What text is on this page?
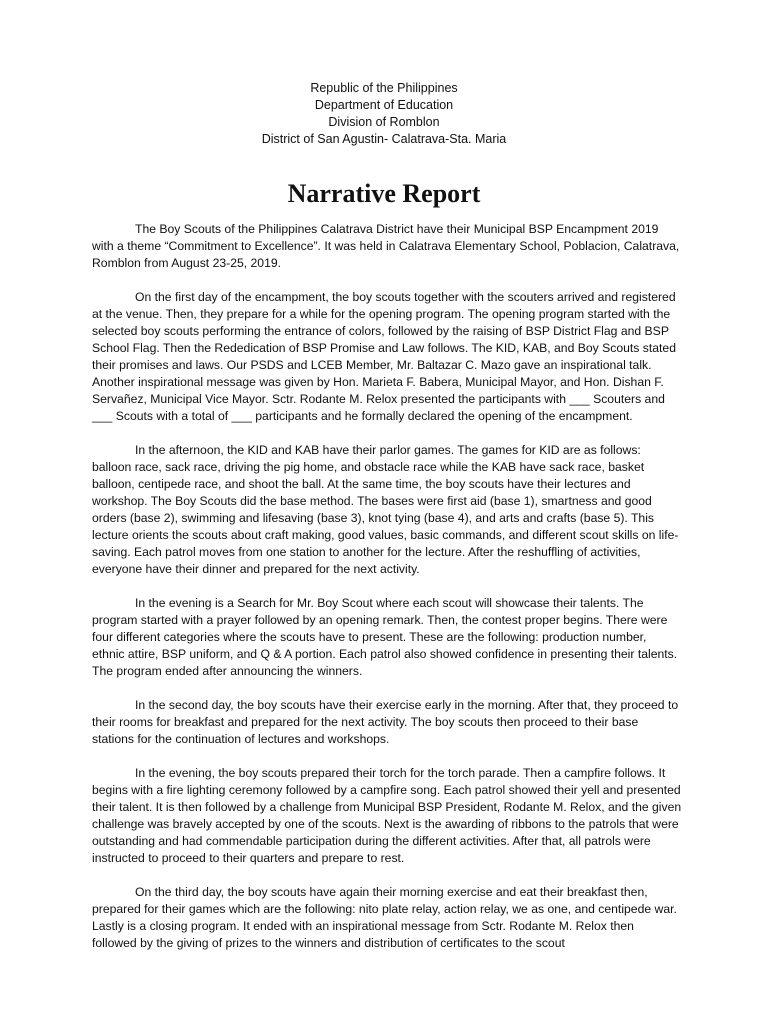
Republic of the Philippines
Department of Education
Division of Romblon
District of San Agustin- Calatrava-Sta. Maria
Narrative Report

The Boy Scouts of the Philippines Calatrava District have their Municipal BSP Encampment 2019 with a theme “Commitment to Excellence”. It was held in Calatrava Elementary School, Poblacion, Calatrava, Romblon from August 23-25, 2019.

On the first day of the encampment, the boy scouts together with the scouters arrived and registered at the venue. Then, they prepare for a while for the opening program. The opening program started with the selected boy scouts performing the entrance of colors, followed by the raising of BSP District Flag and BSP School Flag. Then the Rededication of BSP Promise and Law follows. The KID, KAB, and Boy Scouts stated their promises and laws. Our PSDS and LCEB Member, Mr. Baltazar C. Mazo gave an inspirational talk. Another inspirational message was given by Hon. Marieta F. Babera, Municipal Mayor, and Hon. Dishan F. Servañez, Municipal Vice Mayor. Sctr. Rodante M. Relox presented the participants with ___ Scouters and ___ Scouts with a total of ___ participants and he formally declared the opening of the encampment.

In the afternoon, the KID and KAB have their parlor games. The games for KID are as follows: balloon race, sack race, driving the pig home, and obstacle race while the KAB have sack race, basket balloon, centipede race, and shoot the ball. At the same time, the boy scouts have their lectures and workshop. The Boy Scouts did the base method. The bases were first aid (base 1), smartness and good orders (base 2), swimming and lifesaving (base 3), knot tying (base 4), and arts and crafts (base 5). This lecture orients the scouts about craft making, good values, basic commands, and different scout skills on life-saving. Each patrol moves from one station to another for the lecture. After the reshuffling of activities, everyone have their dinner and prepared for the next activity.

In the evening is a Search for Mr. Boy Scout where each scout will showcase their talents. The program started with a prayer followed by an opening remark. Then, the contest proper begins. There were four different categories where the scouts have to present. These are the following: production number, ethnic attire, BSP uniform, and Q & A portion. Each patrol also showed confidence in presenting their talents. The program ended after announcing the winners.

In the second day, the boy scouts have their exercise early in the morning. After that, they proceed to their rooms for breakfast and prepared for the next activity. The boy scouts then proceed to their base stations for the continuation of lectures and workshops.

In the evening, the boy scouts prepared their torch for the torch parade. Then a campfire follows. It begins with a fire lighting ceremony followed by a campfire song. Each patrol showed their yell and presented their talent. It is then followed by a challenge from Municipal BSP President, Rodante M. Relox, and the given challenge was bravely accepted by one of the scouts. Next is the awarding of ribbons to the patrols that were outstanding and had commendable participation during the different activities. After that, all patrols were instructed to proceed to their quarters and prepare to rest.

On the third day, the boy scouts have again their morning exercise and eat their breakfast then, prepared for their games which are the following: nito plate relay, action relay, we as one, and centipede war. Lastly is a closing program. It ended with an inspirational message from Sctr. Rodante M. Relox then followed by the giving of prizes to the winners and distribution of certificates to the scout
